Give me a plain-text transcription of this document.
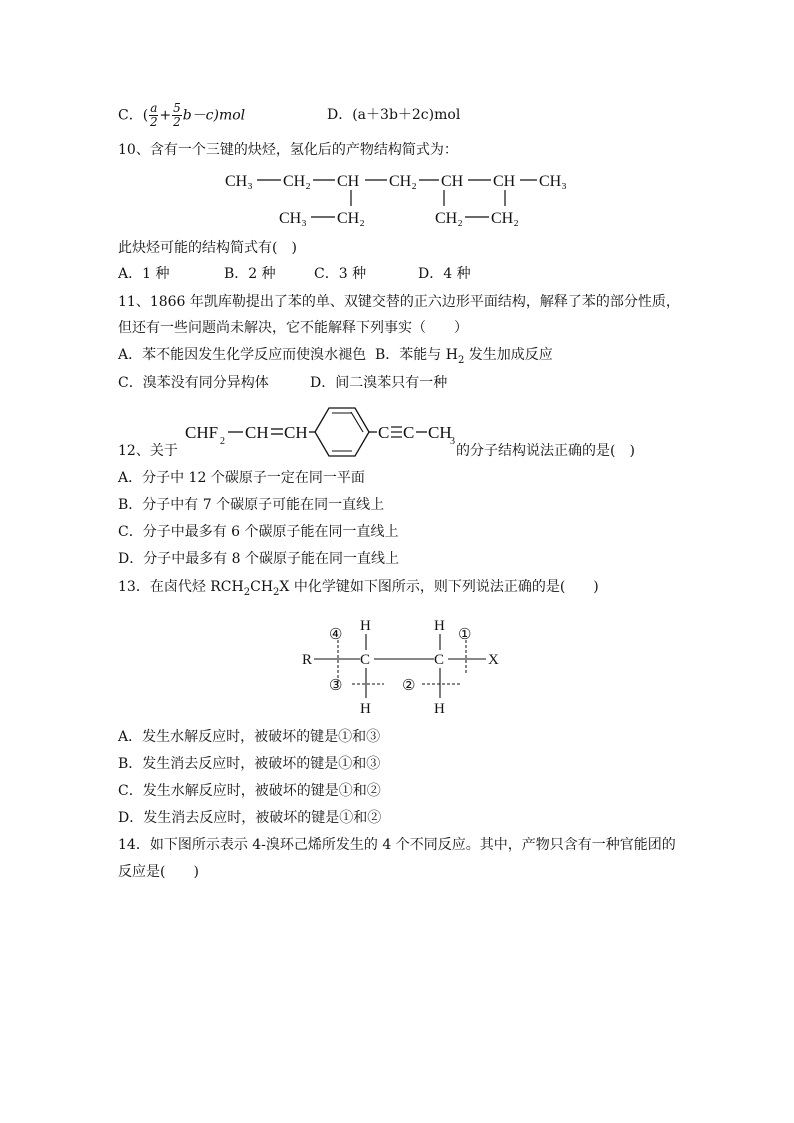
C．( $\frac{a}{2} + \frac{5}{2} b-c)mol$	D．(a＋3b＋2c)mol
10、含有一个三键的炔烃，氢化后的产物结构简式为：
CH₃ CH₂ CH CH₂ CH CH CH₃
CH₃ CH₂	CH₂ CH₂
此炔烃可能的结构简式有(　)
A．1 种	B．2 种	C．3 种	D．4 种
11、1866 年凯库勒提出了苯的单、双键交替的正六边形平面结构，解释了苯的部分性质，
但还有一些问题尚未解决，它不能解释下列事实（　　）
A．苯不能因发生化学反应而使溴水褪色 B．苯能与 $H_2$ 发生加成反应
C．溴苯没有同分异构体	D．间二溴苯只有一种
12、关于
CHF 2 CH CH	C C CH
3
的分子结构说法正确的是(　)
A．分子中 12 个碳原子一定在同一平面
B．分子中有 7 个碳原子可能在同一直线上
C．分子中最多有 6 个碳原子能在同一直线上
D．分子中最多有 8 个碳原子能在同一直线上
13．在卤代烃 $RCH_2CH_2X$ 中化学键如下图所示，则下列说法正确的是(　　)
R	C	C	X
H	H
H	H
④	①
③	②
A．发生水解反应时，被破坏的键是①和③
B．发生消去反应时，被破坏的键是①和③
C．发生水解反应时，被破坏的键是①和②
D．发生消去反应时，被破坏的键是①和②
14．如下图所示表示 4-溴环己烯所发生的 4 个不同反应。其中，产物只含有一种官能团的
反应是(　　)
